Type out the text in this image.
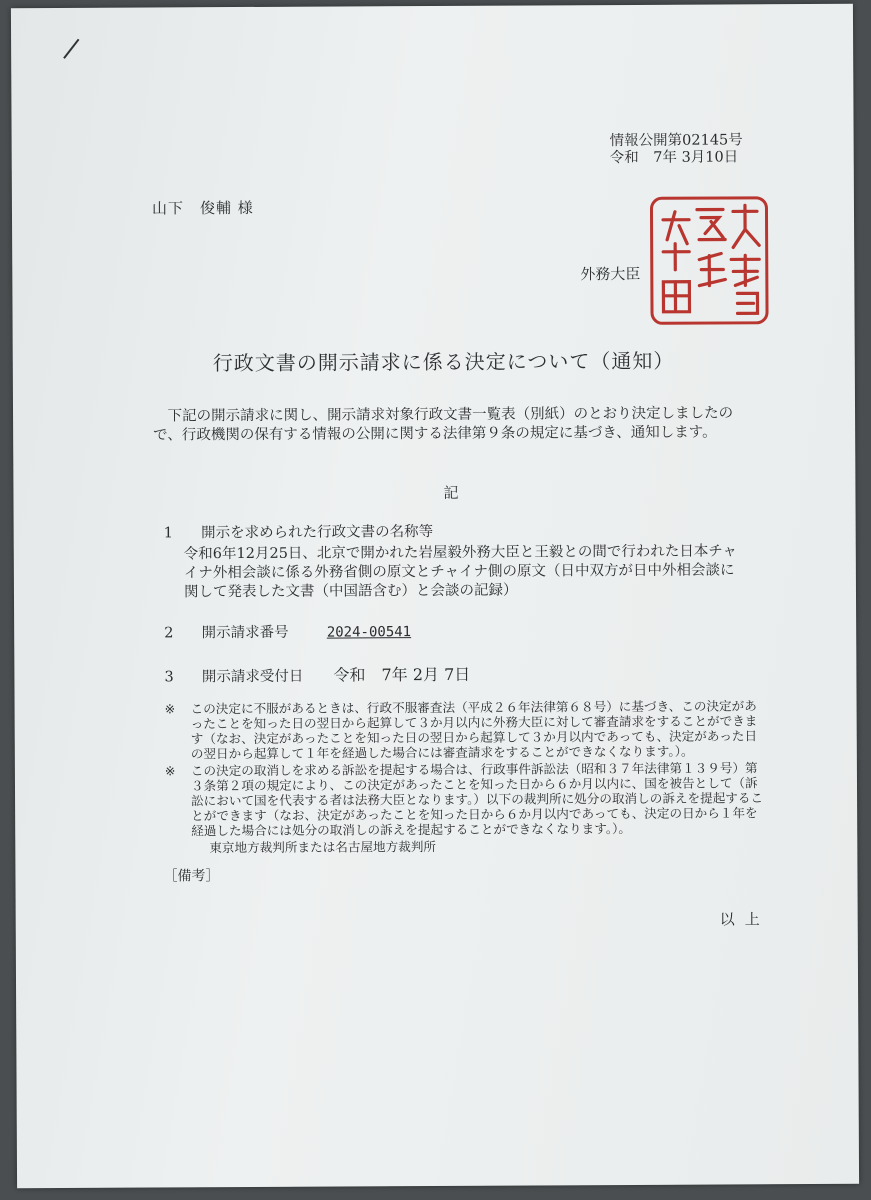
情報公開第02145号
令和　7年 3月10日
山下　俊輔 様
外務大臣
外務大臣之印
行政文書の開示請求に係る決定について（通知）
　下記の開示請求に関し、開示請求対象行政文書一覧表（別紙）のとおり決定しましたので、行政機関の保有する情報の公開に関する法律第９条の規定に基づき、通知します。
記
1 開示を求められた行政文書の名称等
令和6年12月25日、北京で開かれた岩屋毅外務大臣と王毅との間で行われた日本チャイナ外相会談に係る外務省側の原文とチャイナ側の原文（日中双方が日中外相会談に関して発表した文書（中国語含む）と会談の記録）
2 開示請求番号	2024-00541
3 開示請求受付日 令和　7年 2月 7日
※	この決定に不服があるときは、行政不服審査法（平成２６年法律第６８号）に基づき、この決定があったことを知った日の翌日から起算して３か月以内に外務大臣に対して審査請求をすることができます（なお、決定があったことを知った日の翌日から起算して３か月以内であっても、決定があった日の翌日から起算して１年を経過した場合には審査請求をすることができなくなります。）。
※	この決定の取消しを求める訴訟を提起する場合は、行政事件訴訟法（昭和３７年法律第１３９号）第３条第２項の規定により、この決定があったことを知った日から６か月以内に、国を被告として（訴訟において国を代表する者は法務大臣となります。）以下の裁判所に処分の取消しの訴えを提起することができます（なお、決定があったことを知った日から６か月以内であっても、決定の日から１年を経過した場合には処分の取消しの訴えを提起することができなくなります。）。
東京地方裁判所または名古屋地方裁判所
［備考］
以上
